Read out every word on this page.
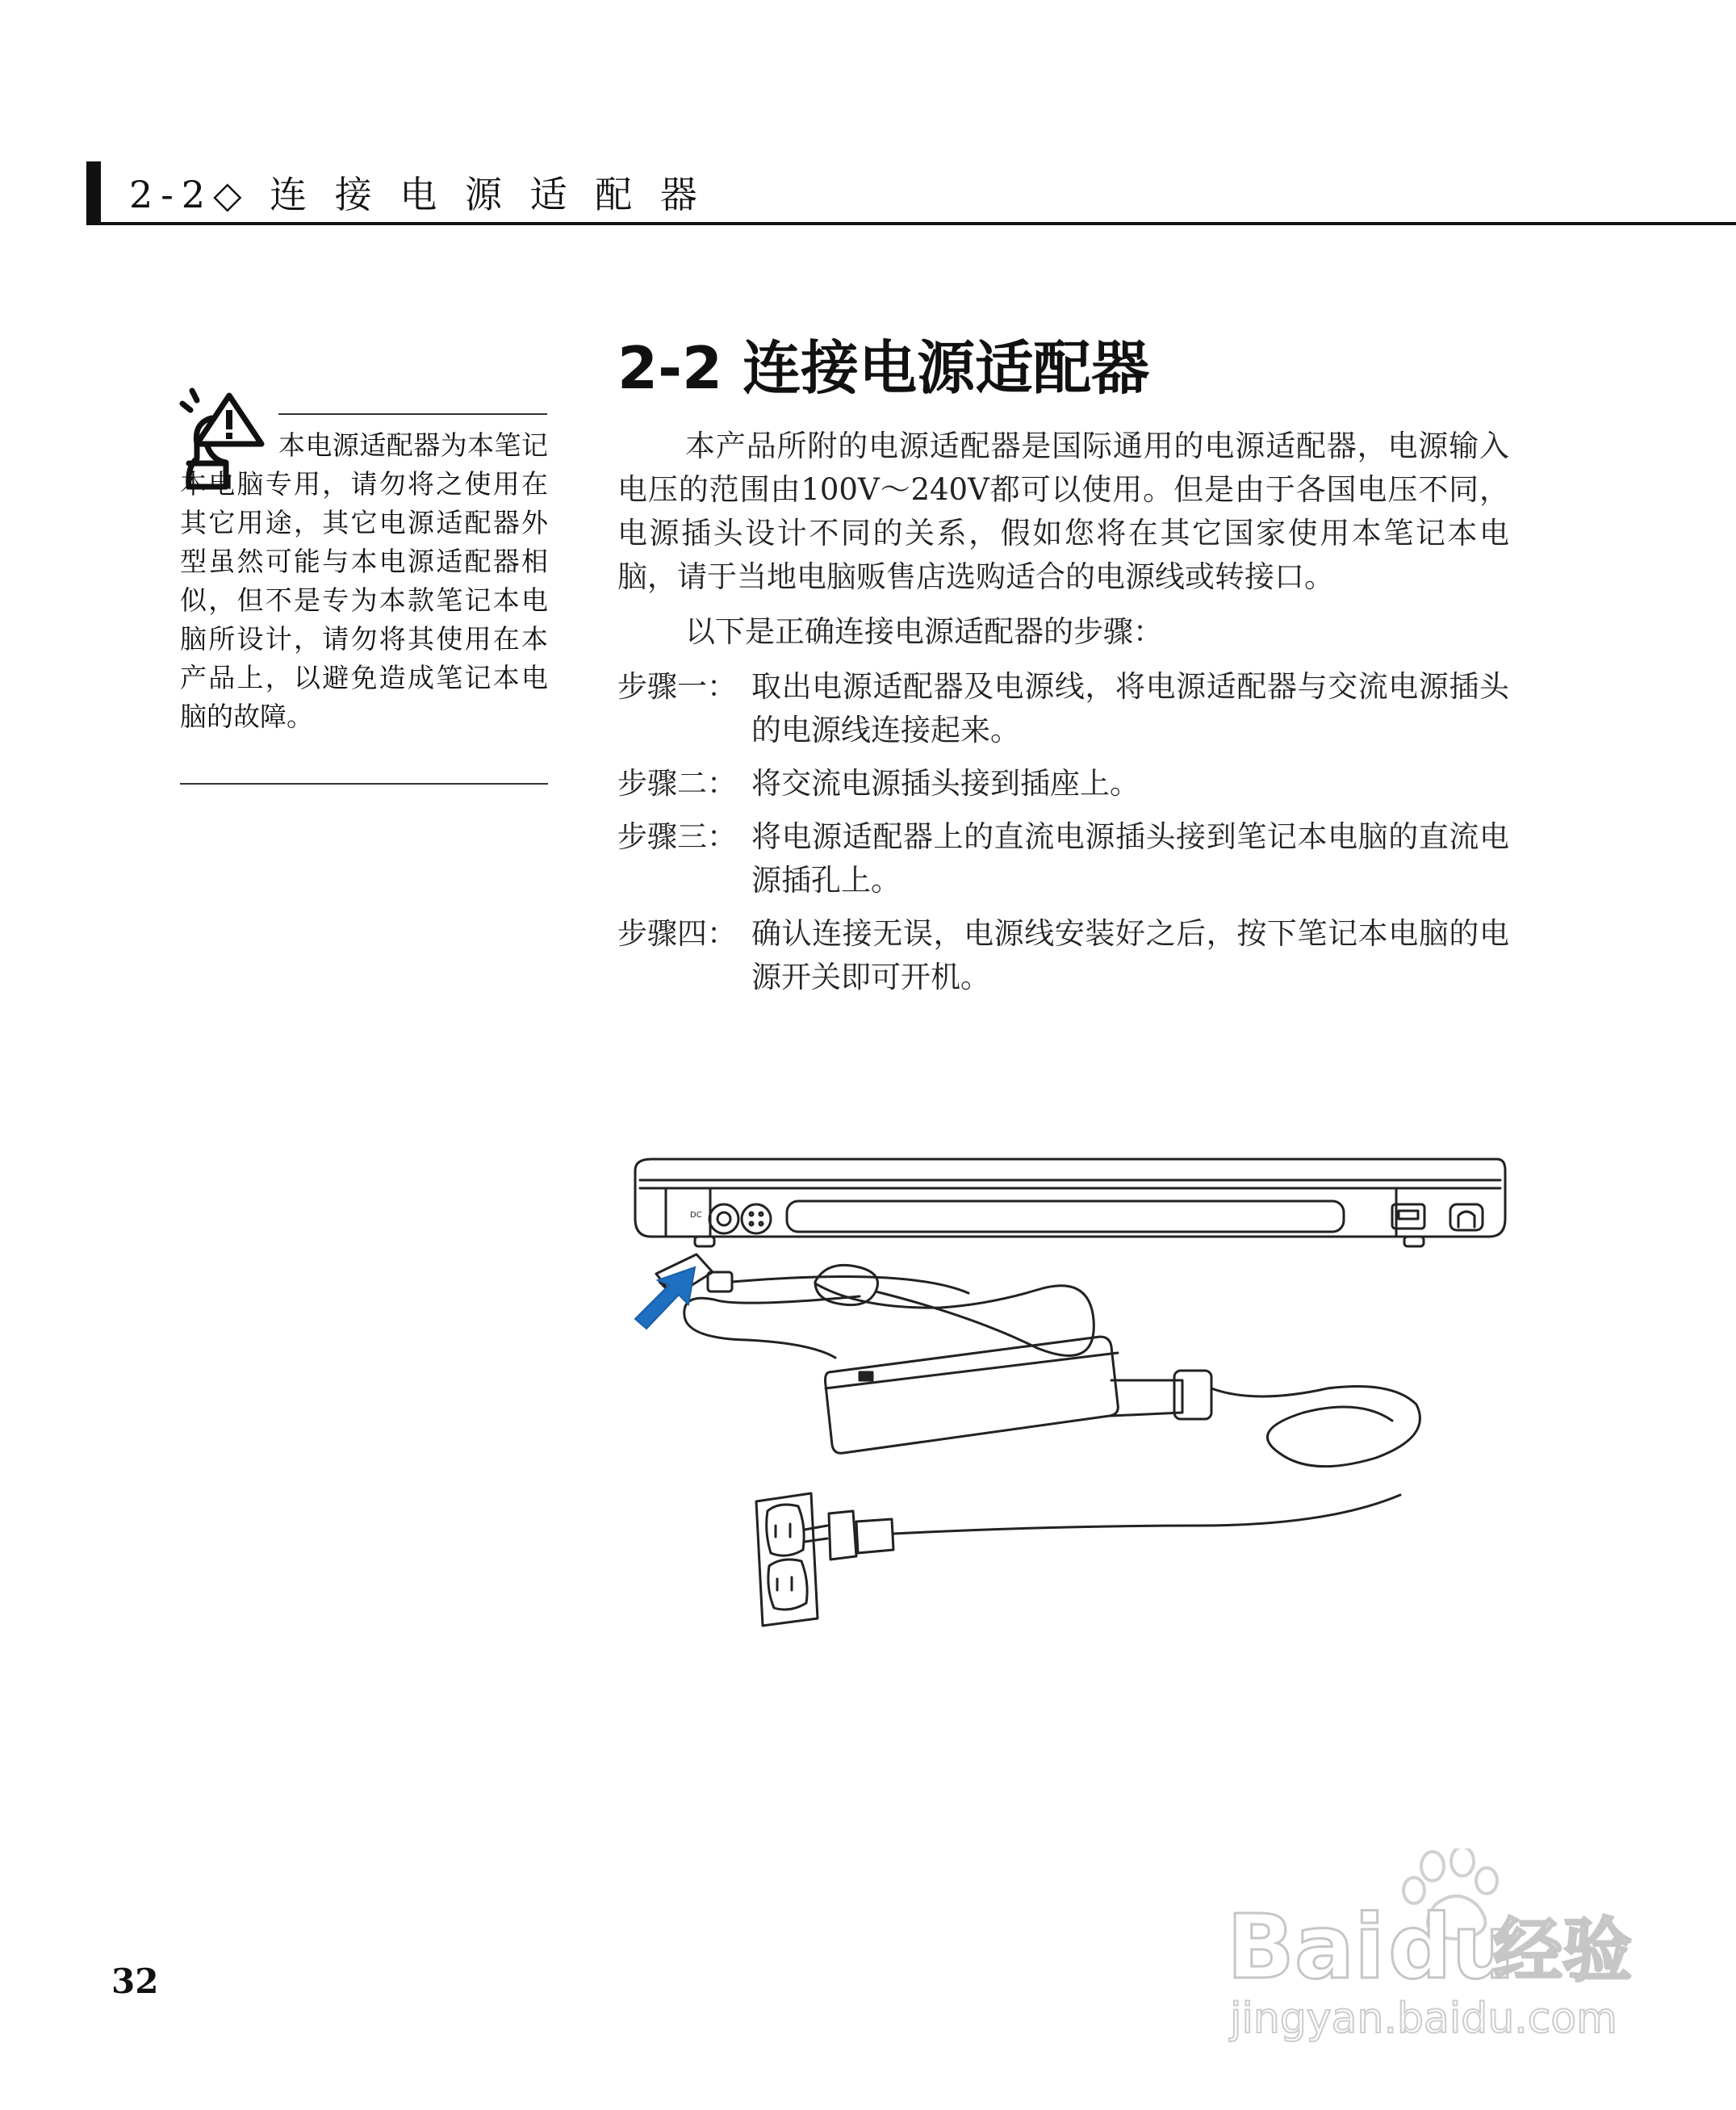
2-2◇ 连 接 电 源 适 配 器

本电源适配器为本笔记本电脑专用，请勿将之使用在其它用途，其它电源适配器外型虽然可能与本电源适配器相似，但不是专为本款笔记本电脑所设计，请勿将其使用在本产品上，以避免造成笔记本电脑的故障。

2-2 连接电源适配器

本产品所附的电源适配器是国际通用的电源适配器，电源输入电压的范围由100V～240V都可以使用。但是由于各国电压不同，电源插头设计不同的关系，假如您将在其它国家使用本笔记本电脑，请于当地电脑贩售店选购适合的电源线或转接口。

以下是正确连接电源适配器的步骤：

步骤一： 取出电源适配器及电源线，将电源适配器与交流电源插头的电源线连接起来。
步骤二： 将交流电源插头接到插座上。
步骤三： 将电源适配器上的直流电源插头接到笔记本电脑的直流电源插孔上。
步骤四： 确认连接无误，电源线安装好之后，按下笔记本电脑的电源开关即可开机。
DC
32	Bai du
经验
jingyan.baidu.com
